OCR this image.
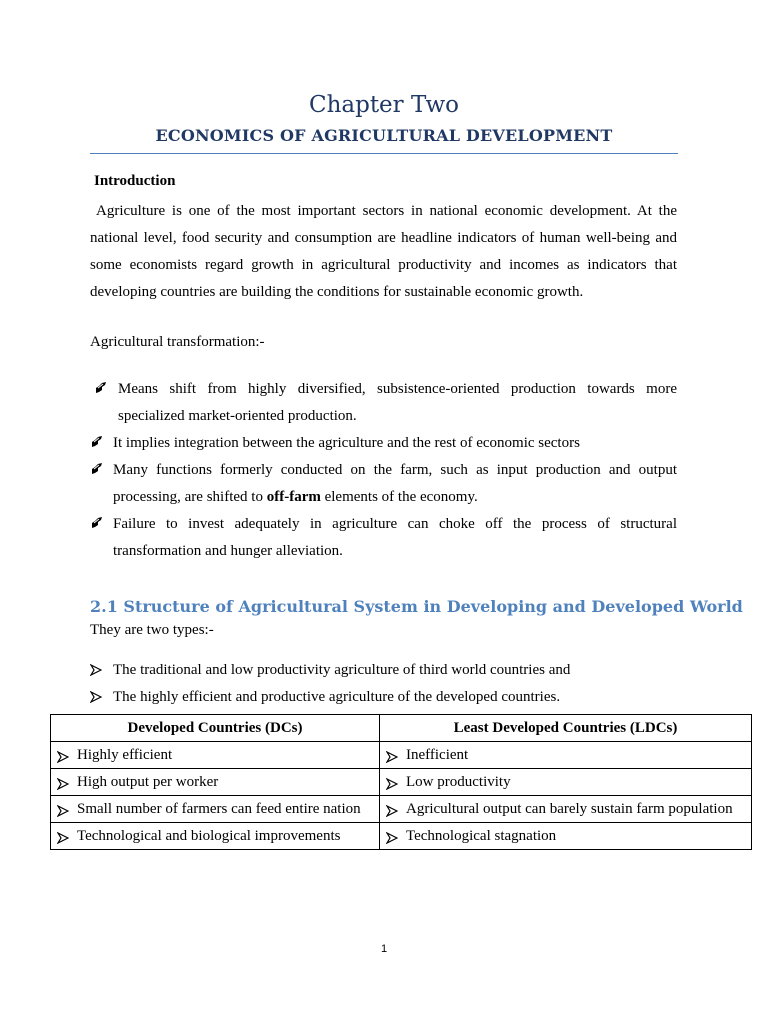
Chapter Two
ECONOMICS OF AGRICULTURAL DEVELOPMENT
Introduction

Agriculture is one of the most important sectors in national economic development. At the national level, food security and consumption are headline indicators of human well-being and some economists regard growth in agricultural productivity and incomes as indicators that developing countries are building the conditions for sustainable economic growth.

Agricultural transformation:-
Means shift from highly diversified, subsistence-oriented production towards more specialized market-oriented production.
It implies integration between the agriculture and the rest of economic sectors
Many functions formerly conducted on the farm, such as input production and output processing, are shifted to off-farm elements of the economy.
Failure to invest adequately in agriculture can choke off the process of structural transformation and hunger alleviation.
2.1 Structure of Agricultural System in Developing and Developed World
They are two types:-
The traditional and low productivity agriculture of third world countries and
The highly efficient and productive agriculture of the developed countries.
Developed Countries (DCs)	Least Developed Countries (LDCs)

Highly efficient	Inefficient

High output per worker	Low productivity

Small number of farmers can feed entire nation	Agricultural output can barely sustain farm population

Technological and biological improvements	Technological stagnation
1
